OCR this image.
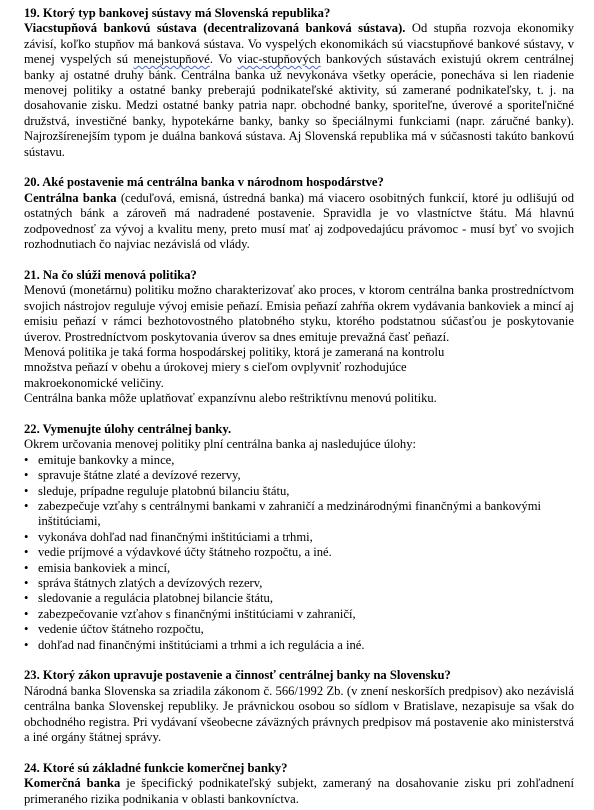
19. Ktorý typ bankovej sústavy má Slovenská republika?
Viacstupňová bankovú sústava (decentralizovaná banková sústava). Od stupňa rozvoja ekonomiky závisí, koľko stupňov má banková sústava. Vo vyspelých ekonomikách sú viacstupňové bankové sústavy, v menej vyspelých sú menejstupňové. Vo viac-stupňových bankových sústavách existujú okrem centrálnej banky aj ostatné druhy bánk. Centrálna banka už nevykonáva všetky operácie, ponecháva si len riadenie menovej politiky a ostatné banky preberajú podnikateľské aktivity, sú zamerané podnikateľsky, t. j. na dosahovanie zisku. Medzi ostatné banky patria napr. obchodné banky, sporiteľne, úverové a sporiteľničné družstvá, investičné banky, hypotekárne banky, banky so špeciálnymi funkciami (napr. záručné banky). Najrozšírenejším typom je duálna banková sústava. Aj Slovenská republika má v súčasnosti takúto bankovú sústavu.
20. Aké postavenie má centrálna banka v národnom hospodárstve?
Centrálna banka (ceduľová, emisná, ústredná banka) má viacero osobitných funkcií, ktoré ju odlišujú od ostatných bánk a zároveň má nadradené postavenie. Spravidla je vo vlastníctve štátu. Má hlavnú zodpovednosť za vývoj a kvalitu meny, preto musí mať aj zodpovedajúcu právomoc - musí byť vo svojich rozhodnutiach čo najviac nezávislá od vlády.
21. Na čo slúži menová politika?
Menovú (monetárnu) politiku možno charakterizovať ako proces, v ktorom centrálna banka prostredníctvom svojich nástrojov reguluje vývoj emisie peňazí. Emisia peňazí zahŕňa okrem vydávania bankoviek a mincí aj emisiu peňazí v rámci bezhotovostného platobného styku, ktorého podstatnou súčasťou je poskytovanie úverov. Prostredníctvom poskytovania úverov sa dnes emituje prevažná časť peňazí.
Menová politika je taká forma hospodárskej politiky, ktorá je zameraná na kontrolu
množstva peňazí v obehu a úrokovej miery s cieľom ovplyvniť rozhodujúce
makroekonomické veličiny.
Centrálna banka môže uplatňovať expanzívnu alebo reštriktívnu menovú politiku.
22. Vymenujte úlohy centrálnej banky.
Okrem určovania menovej politiky plní centrálna banka aj nasledujúce úlohy:
• emituje bankovky a mince,
• spravuje štátne zlaté a devízové rezervy,
• sleduje, prípadne reguluje platobnú bilanciu štátu,
• zabezpečuje vzťahy s centrálnymi bankami v zahraničí a medzinárodnými finančnými a bankovými inštitúciami,
• vykonáva dohľad nad finančnými inštitúciami a trhmi,
• vedie príjmové a výdavkové účty štátneho rozpočtu, a iné.
• emisia bankoviek a mincí,
• správa štátnych zlatých a devízových rezerv,
• sledovanie a regulácia platobnej bilancie štátu,
• zabezpečovanie vzťahov s finančnými inštitúciami v zahraničí,
• vedenie účtov štátneho rozpočtu,
• dohľad nad finančnými inštitúciami a trhmi a ich regulácia a iné.
23. Ktorý zákon upravuje postavenie a činnosť centrálnej banky na Slovensku?
Národná banka Slovenska sa zriadila zákonom č. 566/1992 Zb. (v znení neskorších predpisov) ako nezávislá centrálna banka Slovenskej republiky. Je právnickou osobou so sídlom v Bratislave, nezapisuje sa však do obchodného registra. Pri vydávaní všeobecne záväzných právnych predpisov má postavenie ako ministerstvá a iné orgány štátnej správy.
24. Ktoré sú základné funkcie komerčnej banky?
Komerčná banka je špecifický podnikateľský subjekt, zameraný na dosahovanie zisku pri zohľadnení primeraného rizika podnikania v oblasti bankovníctva.
